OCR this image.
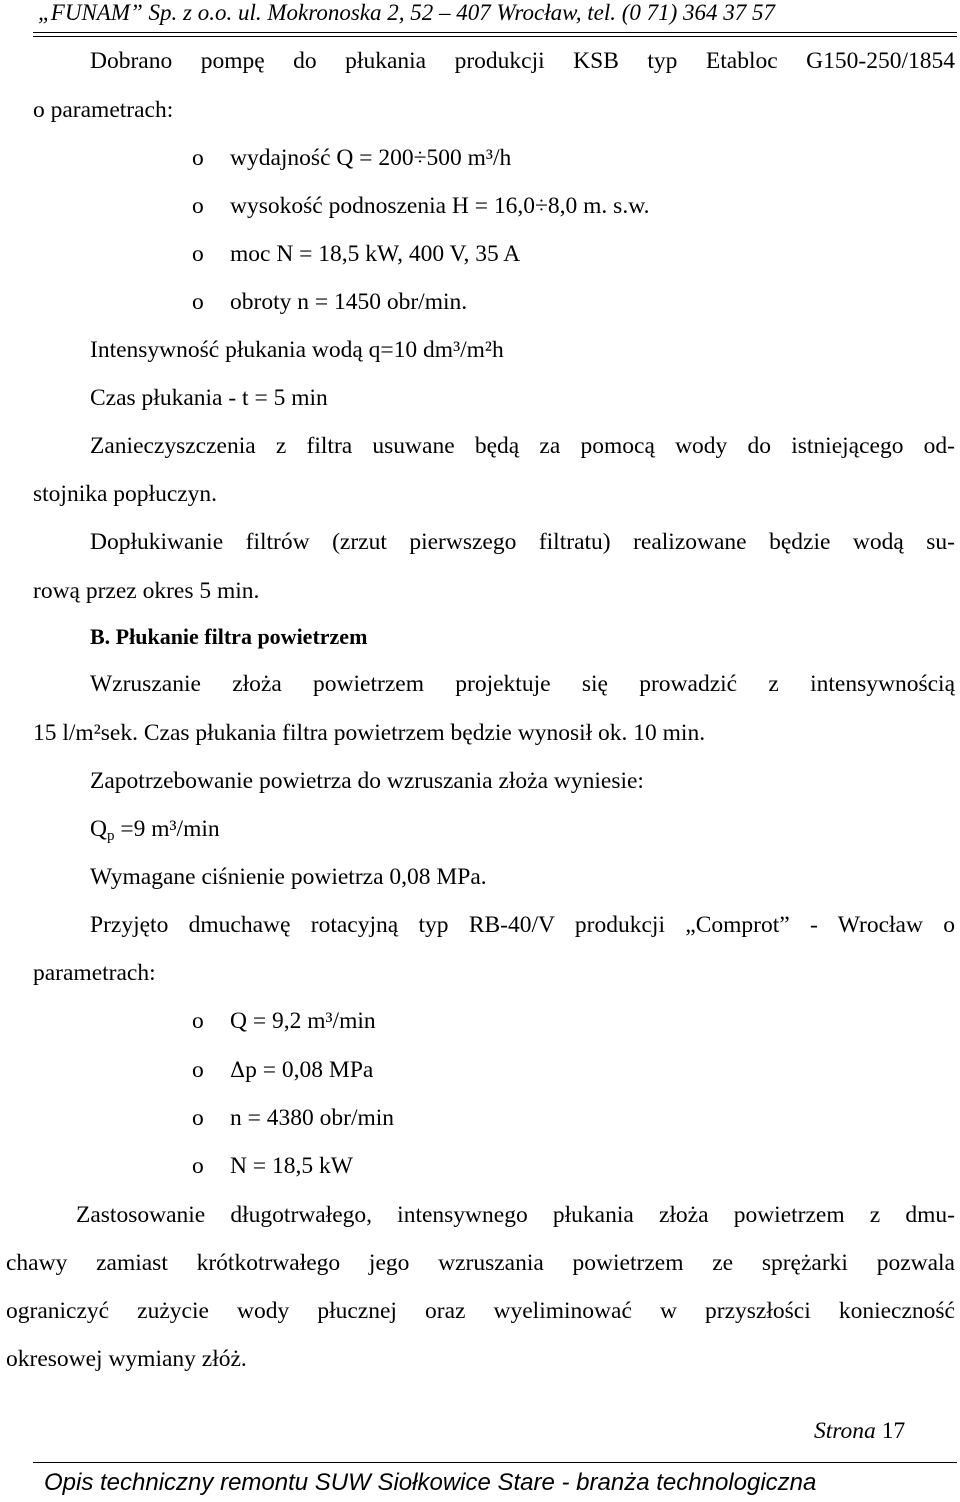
„FUNAM” Sp. z o.o. ul. Mokronoska 2, 52 – 407 Wrocław, tel. (0 71) 364 37 57
Dobrano pompę do płukania produkcji KSB typ Etabloc G150-250/1854
o parametrach:
o wydajność Q = 200÷500 m³/h
o wysokość podnoszenia H = 16,0÷8,0 m. s.w.
o moc N = 18,5 kW, 400 V, 35 A
o obroty n = 1450 obr/min.
Intensywność płukania wodą q=10 dm³/m²h
Czas płukania - t = 5 min
Zanieczyszczenia z filtra usuwane będą za pomocą wody do istniejącego od-
stojnika popłuczyn.
Dopłukiwanie filtrów (zrzut pierwszego filtratu) realizowane będzie wodą su-
rową przez okres 5 min.
B. Płukanie filtra powietrzem
Wzruszanie złoża powietrzem projektuje się prowadzić z intensywnością
15 l/m²sek. Czas płukania filtra powietrzem będzie wynosił ok. 10 min.
Zapotrzebowanie powietrza do wzruszania złoża wyniesie:
$Q_p =9$ m³/min
Wymagane ciśnienie powietrza 0,08 MPa.
Przyjęto dmuchawę rotacyjną typ RB-40/V produkcji „Comprot” - Wrocław o
parametrach:
o Q = 9,2 m³/min
o Δp = 0,08 MPa
o n = 4380 obr/min
o N = 18,5 kW
Zastosowanie długotrwałego, intensywnego płukania złoża powietrzem z dmu-
chawy zamiast krótkotrwałego jego wzruszania powietrzem ze sprężarki pozwala
ograniczyć zużycie wody płucznej oraz wyeliminować w przyszłości konieczność
okresowej wymiany złóż.
Strona 17
Opis techniczny remontu SUW Siołkowice Stare - branża technologiczna
